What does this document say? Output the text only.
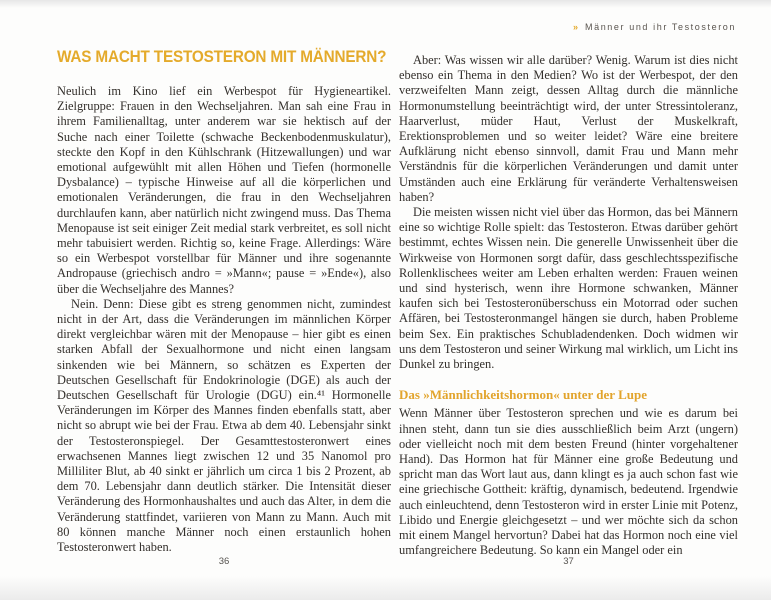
WAS MACHT TESTOSTERON MIT MÄNNERN?

Neulich im Kino lief ein Werbespot für Hygieneartikel. Zielgruppe: Frauen in den Wechseljahren. Man sah eine Frau in ihrem Familienalltag, unter anderem war sie hektisch auf der Suche nach einer Toilette (schwache Beckenbodenmuskulatur), steckte den Kopf in den Kühlschrank (Hitzewallungen) und war emotional aufgewühlt mit allen Höhen und Tiefen (hormonelle Dysbalance) – typische Hinweise auf all die körperlichen und emotionalen Veränderungen, die frau in den Wechseljahren durchlaufen kann, aber natürlich nicht zwingend muss. Das Thema Menopause ist seit einiger Zeit medial stark verbreitet, es soll nicht mehr tabuisiert werden. Richtig so, keine Frage. Allerdings: Wäre so ein Werbespot vorstellbar für Männer und ihre sogenannte Andropause (griechisch andro = »Mann«; pause = »Ende«), also über die Wechseljahre des Mannes?

Nein. Denn: Diese gibt es streng genommen nicht, zumindest nicht in der Art, dass die Veränderungen im männlichen Körper direkt vergleichbar wären mit der Menopause – hier gibt es einen starken Abfall der Sexualhormone und nicht einen langsam sinkenden wie bei Männern, so schätzen es Experten der Deutschen Gesellschaft für Endokrinologie (DGE) als auch der Deutschen Gesellschaft für Urologie (DGU) ein.⁴¹ Hormonelle Veränderungen im Körper des Mannes finden ebenfalls statt, aber nicht so abrupt wie bei der Frau. Etwa ab dem 40. Lebensjahr sinkt der Testosteronspiegel. Der Gesamttestosteronwert eines erwachsenen Mannes liegt zwischen 12 und 35 Nanomol pro Milliliter Blut, ab 40 sinkt er jährlich um circa 1 bis 2 Prozent, ab dem 70. Lebensjahr dann deutlich stärker. Die Intensität dieser Veränderung des Hormonhaushaltes und auch das Alter, in dem die Veränderung stattfindet, variieren von Mann zu Mann. Auch mit 80 können manche Männer noch einen erstaunlich hohen Testosteronwert haben.

36
» Männer und ihr Testosteron

Aber: Was wissen wir alle darüber? Wenig. Warum ist dies nicht ebenso ein Thema in den Medien? Wo ist der Werbespot, der den verzweifelten Mann zeigt, dessen Alltag durch die männliche Hormonumstellung beeinträchtigt wird, der unter Stressintoleranz, Haarverlust, müder Haut, Verlust der Muskelkraft, Erektionsproblemen und so weiter leidet? Wäre eine breitere Aufklärung nicht ebenso sinnvoll, damit Frau und Mann mehr Verständnis für die körperlichen Veränderungen und damit unter Umständen auch eine Erklärung für veränderte Verhaltensweisen haben?

Die meisten wissen nicht viel über das Hormon, das bei Männern eine so wichtige Rolle spielt: das Testosteron. Etwas darüber gehört bestimmt, echtes Wissen nein. Die generelle Unwissenheit über die Wirkweise von Hormonen sorgt dafür, dass geschlechtsspezifische Rollenklischees weiter am Leben erhalten werden: Frauen weinen und sind hysterisch, wenn ihre Hormone schwanken, Männer kaufen sich bei Testosteronüberschuss ein Motorrad oder suchen Affären, bei Testosteronmangel hängen sie durch, haben Probleme beim Sex. Ein praktisches Schubladendenken. Doch widmen wir uns dem Testosteron und seiner Wirkung mal wirklich, um Licht ins Dunkel zu bringen.

Das »Männlichkeitshormon« unter der Lupe

Wenn Männer über Testosteron sprechen und wie es darum bei ihnen steht, dann tun sie dies ausschließlich beim Arzt (ungern) oder vielleicht noch mit dem besten Freund (hinter vorgehaltener Hand). Das Hormon hat für Männer eine große Bedeutung und spricht man das Wort laut aus, dann klingt es ja auch schon fast wie eine griechische Gottheit: kräftig, dynamisch, bedeutend. Irgendwie auch einleuchtend, denn Testosteron wird in erster Linie mit Potenz, Libido und Energie gleichgesetzt – und wer möchte sich da schon mit einem Mangel hervortun? Dabei hat das Hormon noch eine viel umfangreichere Bedeutung. So kann ein Mangel oder ein

37
